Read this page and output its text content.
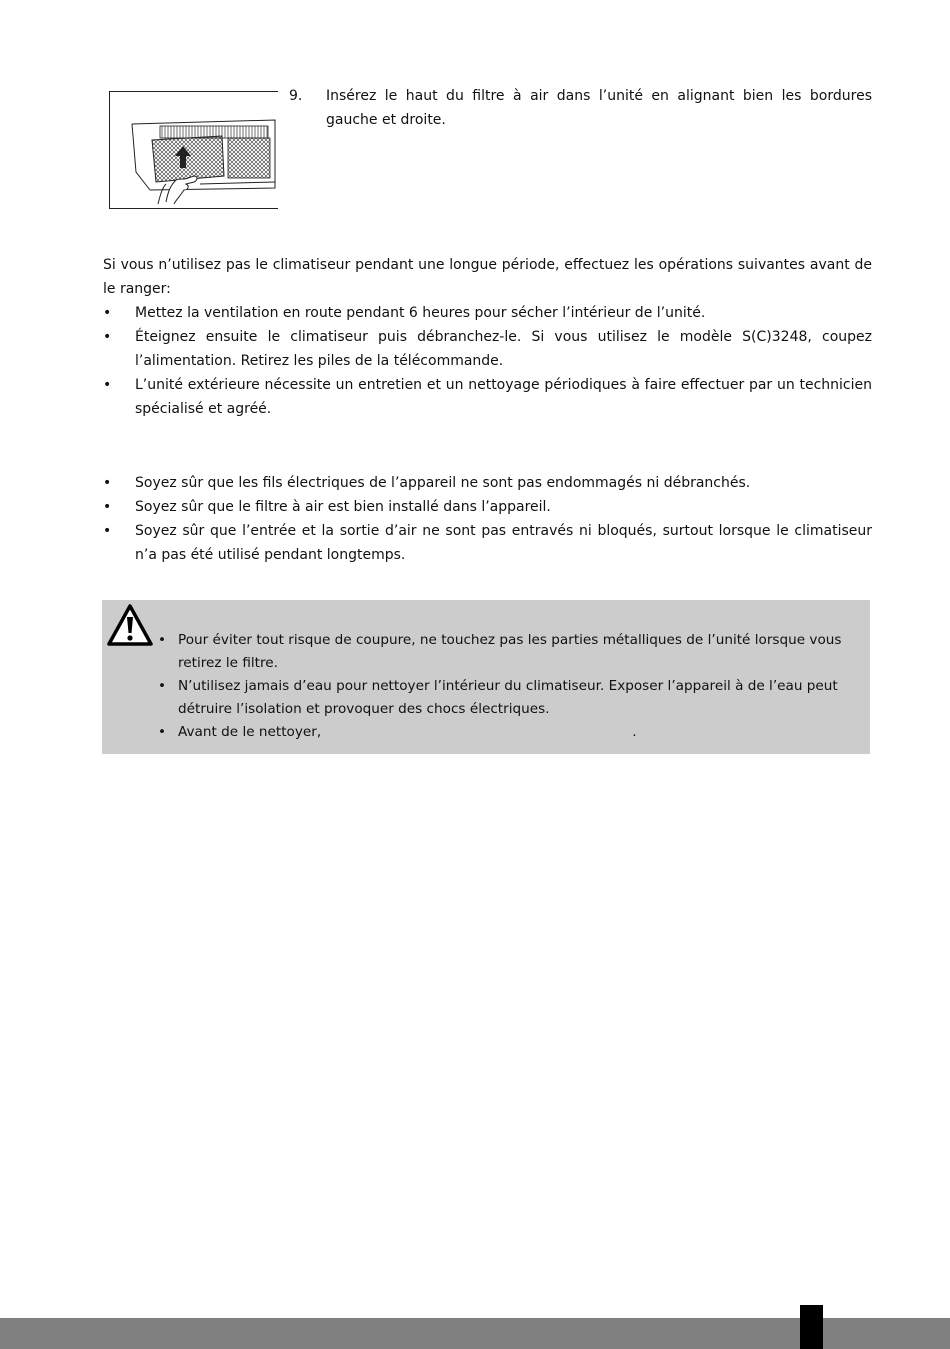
9. Insérez le haut du filtre à air dans l’unité en alignant bien les bordures gauche et droite.
Si vous n’utilisez pas le climatiseur pendant une longue période, effectuez les opérations suivantes avant de le ranger:
• Mettez la ventilation en route pendant 6 heures pour sécher l’intérieur de l’unité.
• Éteignez ensuite le climatiseur puis débranchez-le. Si vous utilisez le modèle S(C)3248, coupez l’alimentation. Retirez les piles de la télécommande.
• L’unité extérieure nécessite un entretien et un nettoyage périodiques à faire effectuer par un technicien spécialisé et agréé.
• Soyez sûr que les fils électriques de l’appareil ne sont pas endommagés ni débranchés.
• Soyez sûr que le filtre à air est bien installé dans l’appareil.
• Soyez sûr que l’entrée et la sortie d’air ne sont pas entravés ni bloqués, surtout lorsque le climatiseur n’a pas été utilisé pendant longtemps.
• Pour éviter tout risque de coupure, ne touchez pas les parties métalliques de l’unité lorsque vous retirez le filtre.
• N’utilisez jamais d’eau pour nettoyer l’intérieur du climatiseur. Exposer l’appareil à de l’eau peut détruire l’isolation et provoquer des chocs électriques.
• Avant de le nettoyer,	.
